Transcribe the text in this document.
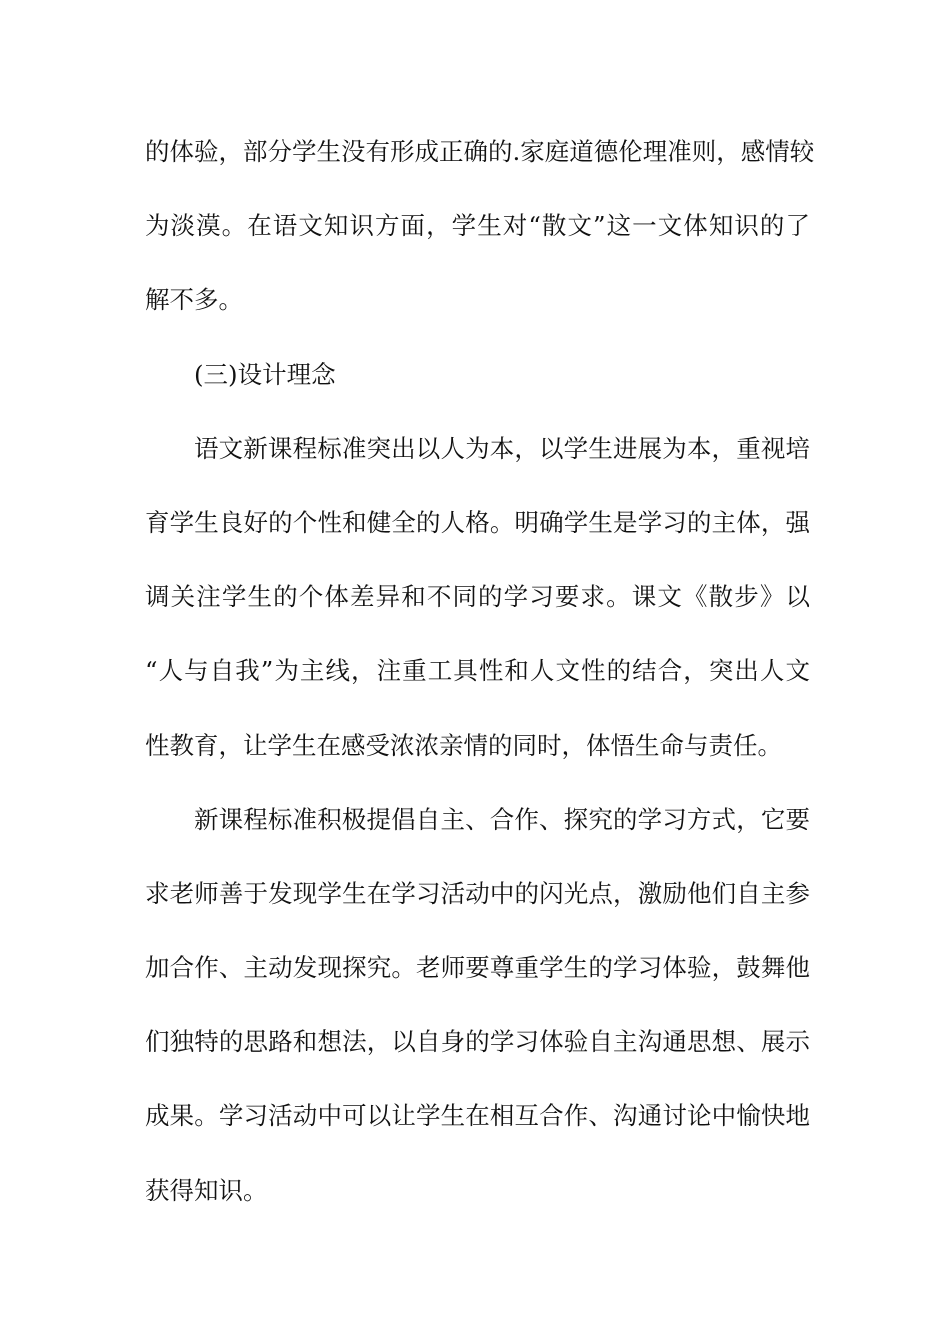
的体验，部分学生没有形成正确的.家庭道德伦理准则，感情较
为淡漠。在语文知识方面，学生对“散文”这一文体知识的了
解不多。
(三)设计理念
语文新课程标准突出以人为本，以学生进展为本，重视培
育学生良好的个性和健全的人格。明确学生是学习的主体，强
调关注学生的个体差异和不同的学习要求。课文《散步》以
“人与自我”为主线，注重工具性和人文性的结合，突出人文
性教育，让学生在感受浓浓亲情的同时，体悟生命与责任。
新课程标准积极提倡自主、合作、探究的学习方式，它要
求老师善于发现学生在学习活动中的闪光点，激励他们自主参
加合作、主动发现探究。老师要尊重学生的学习体验，鼓舞他
们独特的思路和想法，以自身的学习体验自主沟通思想、展示
成果。学习活动中可以让学生在相互合作、沟通讨论中愉快地
获得知识。
